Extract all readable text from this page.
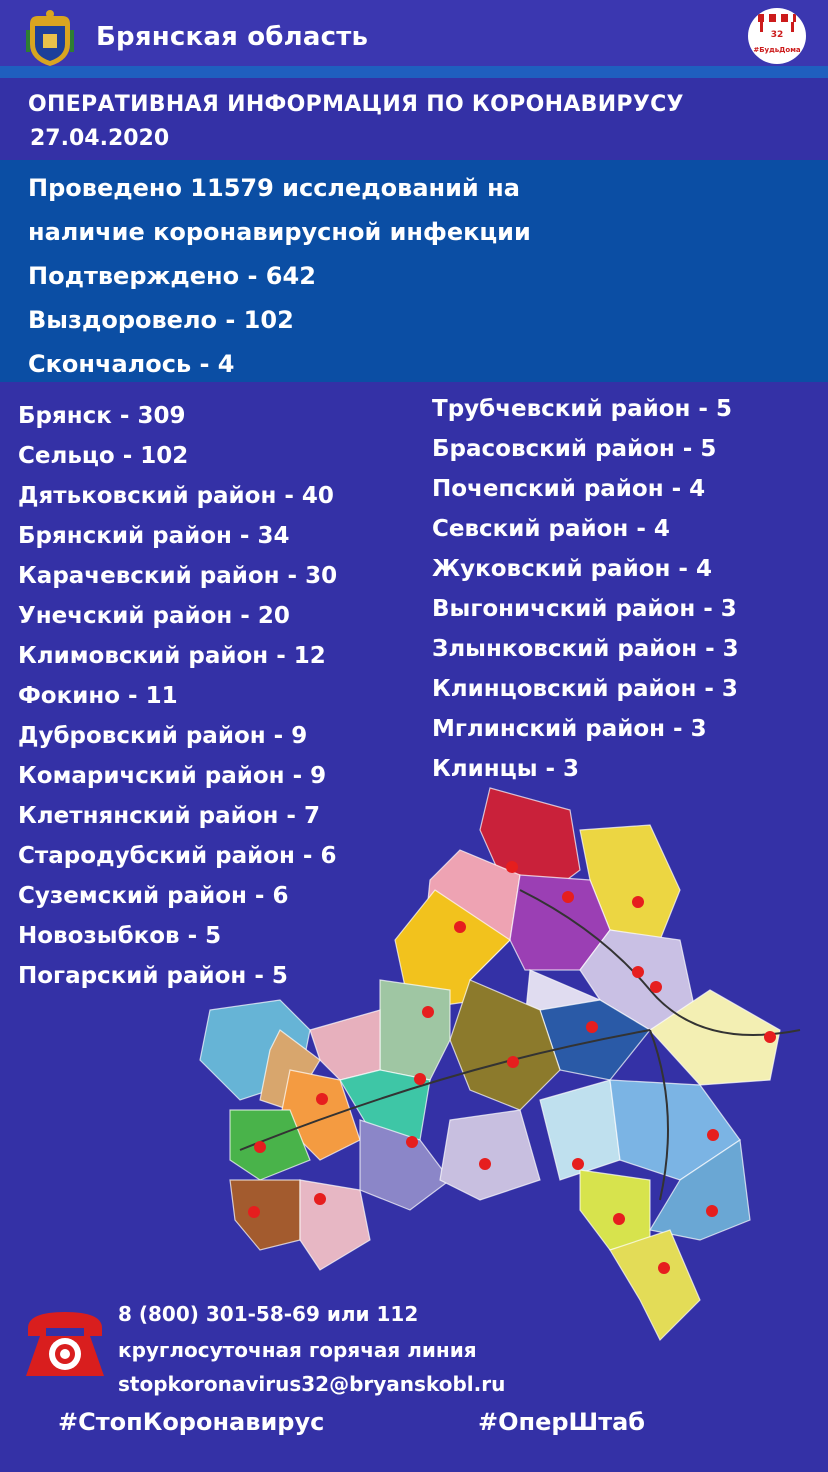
Брянская область	32
#БудьДома
ОПЕРАТИВНАЯ ИНФОРМАЦИЯ ПО КОРОНАВИРУСУ
27.04.2020
Проведено 11579 исследований на
наличие коронавирусной инфекции
Подтверждено - 642
Выздоровело - 102
Скончалось - 4
Брянск - 309
Сельцо - 102
Дятьковский район - 40
Брянский район - 34
Карачевский район - 30
Унечский район - 20
Климовский район - 12
Фокино - 11
Дубровский район - 9
Комаричский район - 9
Клетнянский район - 7
Стародубский район - 6
Суземский район - 6
Новозыбков - 5
Погарский район - 5
Трубчевский район - 5
Брасовский район - 5
Почепский район - 4
Севский район - 4
Жуковский район - 4
Выгоничский район - 3
Злынковский район - 3
Клинцовский район - 3
Мглинский район - 3
Клинцы - 3
8 (800) 301-58-69 или 112
круглосуточная горячая линия
stopkoronavirus32@bryanskobl.ru
#СтопКоронавирус	#ОперШтаб
